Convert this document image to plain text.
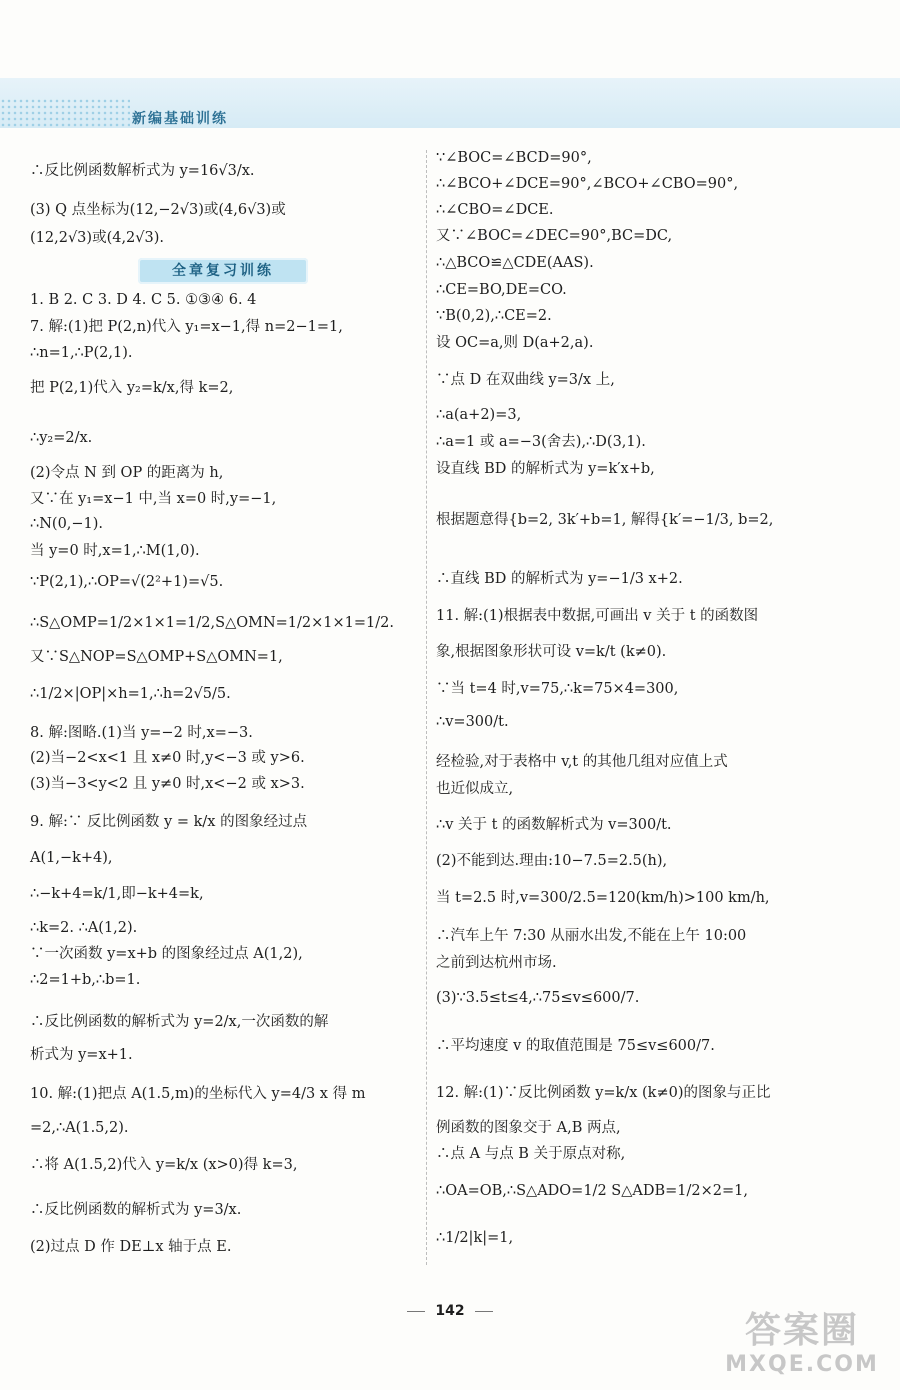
新编基础训练
全章复习训练
∴反比例函数解析式为 y=16√3/x.
(3) Q 点坐标为(12,−2√3)或(4,6√3)或
(12,2√3)或(4,2√3).
1. B 2. C 3. D 4. C 5. ①③④ 6. 4
7. 解:(1)把 P(2,n)代入 y₁=x−1,得 n=2−1=1,
∴n=1,∴P(2,1).
把 P(2,1)代入 y₂=k/x,得 k=2,
∴y₂=2/x.
(2)令点 N 到 OP 的距离为 h,
又∵在 y₁=x−1 中,当 x=0 时,y=−1,
∴N(0,−1).
当 y=0 时,x=1,∴M(1,0).
∵P(2,1),∴OP=√(2²+1)=√5.
∴S△OMP=1/2×1×1=1/2,S△OMN=1/2×1×1=1/2.
又∵S△NOP=S△OMP+S△OMN=1,
∴1/2×|OP|×h=1,∴h=2√5/5.
8. 解:图略.(1)当 y=−2 时,x=−3.
(2)当−2<x<1 且 x≠0 时,y<−3 或 y>6.
(3)当−3<y<2 且 y≠0 时,x<−2 或 x>3.
9. 解:∵ 反比例函数 y = k/x 的图象经过点
A(1,−k+4),
∴−k+4=k/1,即−k+4=k,
∴k=2. ∴A(1,2).
∵一次函数 y=x+b 的图象经过点 A(1,2),
∴2=1+b,∴b=1.
∴反比例函数的解析式为 y=2/x,一次函数的解
析式为 y=x+1.
10. 解:(1)把点 A(1.5,m)的坐标代入 y=4/3 x 得 m
=2,∴A(1.5,2).
∴将 A(1.5,2)代入 y=k/x (x>0)得 k=3,
∴反比例函数的解析式为 y=3/x.
(2)过点 D 作 DE⊥x 轴于点 E.
∵∠BOC=∠BCD=90°,
∴∠BCO+∠DCE=90°,∠BCO+∠CBO=90°,
∴∠CBO=∠DCE.
又∵∠BOC=∠DEC=90°,BC=DC,
∴△BCO≌△CDE(AAS).
∴CE=BO,DE=CO.
∵B(0,2),∴CE=2.
设 OC=a,则 D(a+2,a).
∵点 D 在双曲线 y=3/x 上,
∴a(a+2)=3,
∴a=1 或 a=−3(舍去),∴D(3,1).
设直线 BD 的解析式为 y=k′x+b,
根据题意得{b=2, 3k′+b=1, 解得{k′=−1/3, b=2,
∴直线 BD 的解析式为 y=−1/3 x+2.
11. 解:(1)根据表中数据,可画出 v 关于 t 的函数图
象,根据图象形状可设 v=k/t (k≠0).
∵当 t=4 时,v=75,∴k=75×4=300,
∴v=300/t.
经检验,对于表格中 v,t 的其他几组对应值上式
也近似成立,
∴v 关于 t 的函数解析式为 v=300/t.
(2)不能到达.理由:10−7.5=2.5(h),
当 t=2.5 时,v=300/2.5=120(km/h)>100 km/h,
∴汽车上午 7:30 从丽水出发,不能在上午 10:00
之前到达杭州市场.
(3)∵3.5≤t≤4,∴75≤v≤600/7.
∴平均速度 v 的取值范围是 75≤v≤600/7.
12. 解:(1)∵反比例函数 y=k/x (k≠0)的图象与正比
例函数的图象交于 A,B 两点,
∴点 A 与点 B 关于原点对称,
∴OA=OB,∴S△ADO=1/2 S△ADB=1/2×2=1,
∴1/2|k|=1,
142	答案圈
MXQE.COM
